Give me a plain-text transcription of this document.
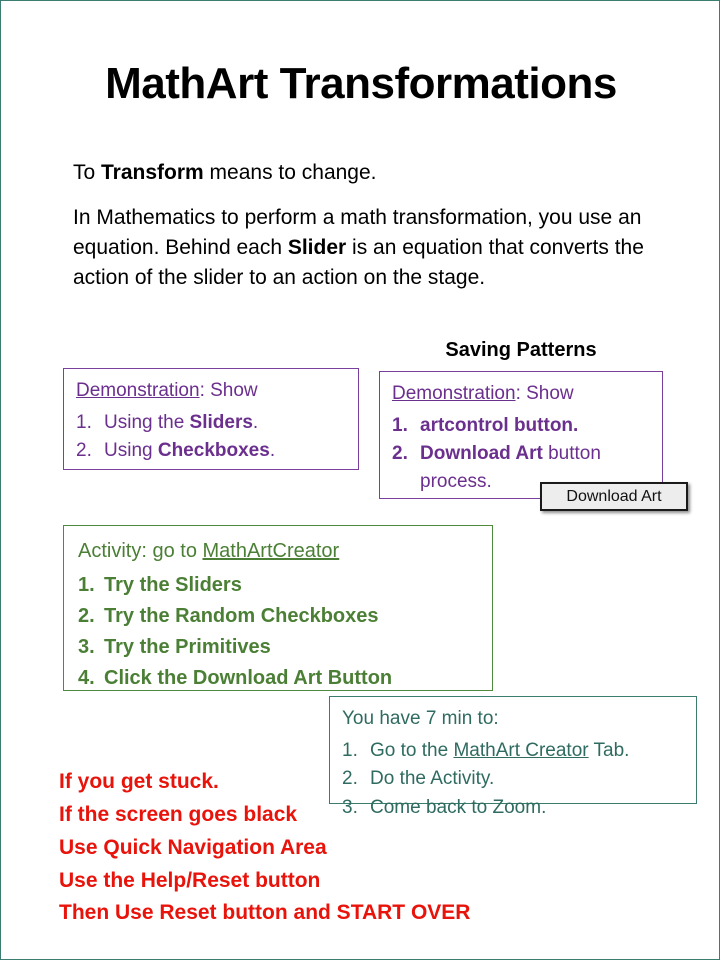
MathArt Transformations
To Transform means to change.
In Mathematics to perform a math transformation, you use an equation. Behind each Slider is an equation that converts the action of the slider to an action on the stage.
Saving Patterns
Demonstration: Show
1. Using the Sliders.
2. Using Checkboxes.
Demonstration: Show
1. artcontrol button.
2. Download Art button process.
Download Art
Activity: go to MathArtCreator
1. Try the Sliders
2. Try the Random Checkboxes
3. Try the Primitives
4. Click the Download Art Button
You have 7 min to:
1. Go to the MathArt Creator Tab.
2. Do the Activity.
3. Come back to Zoom.
If you get stuck.
If the screen goes black
Use Quick Navigation Area
Use the Help/Reset button
Then Use Reset button and START OVER
